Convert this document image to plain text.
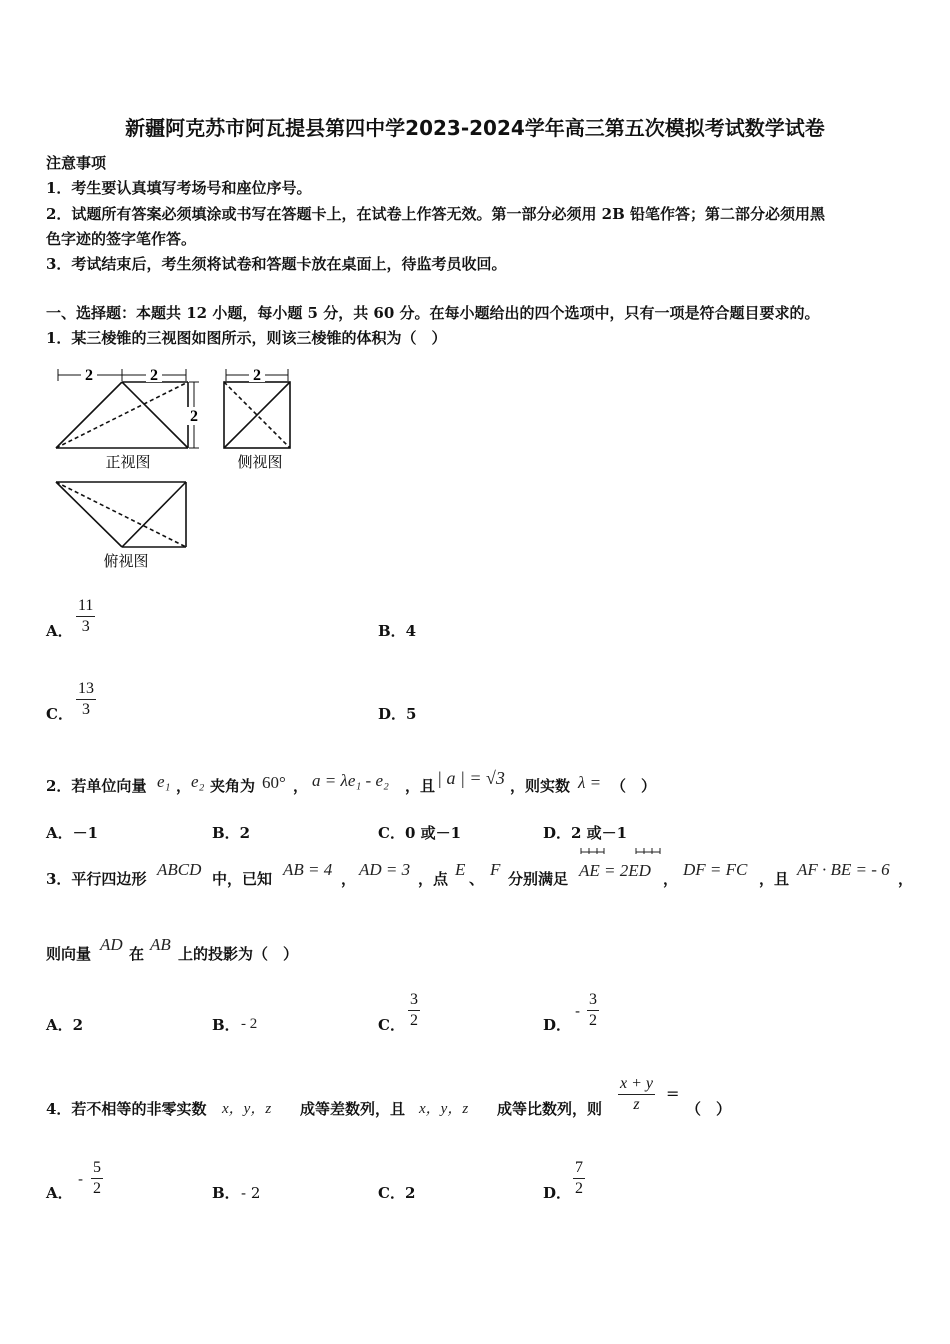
新疆阿克苏市阿瓦提县第四中学2023-2024学年高三第五次模拟考试数学试卷
注意事项
1．考生要认真填写考场号和座位序号。
2．试题所有答案必须填涂或书写在答题卡上，在试卷上作答无效。第一部分必须用 2B 铅笔作答；第二部分必须用黑
色字迹的签字笔作答。
3．考试结束后，考生须将试卷和答题卡放在桌面上，待监考员收回。
一、选择题：本题共 12 小题，每小题 5 分，共 60 分。在每小题给出的四个选项中，只有一项是符合题目要求的。
1．某三棱锥的三视图如图所示，则该三棱锥的体积为（　）
2	2
2
正视图
2
侧视图
俯视图
A． $\frac{11}{3}$	B．4
C． $\frac{13}{3}$	D．5
2．若单位向量 e₁ ， e₂ 夹角为 60° ， a = λe₁ - e₂ ，且 | a | = √3 ，则实数 λ = （　）
A．－1	B．2	C．0 或－1	D．2 或－1
3．平行四边形 ABCD 中，已知 AB = 4 ， AD = 3 ，点 E 、 F 分别满足 AE = 2ED ， DF = FC ，且 AF · BE = - 6 ，
则向量 AD 在 AB 上的投影为（　）
A．2	B． - 2	C． $\frac{3}{2}$	D．
- $\frac{3}{2}$
4．若不相等的非零实数 x，y，z 成等差数列，且 x，y，z 成等比数列，则 $\frac{x + y}{z}$ =
（　）
A．
- $\frac{5}{2}$	B． - 2	C．2	D． $\frac{7}{2}$
